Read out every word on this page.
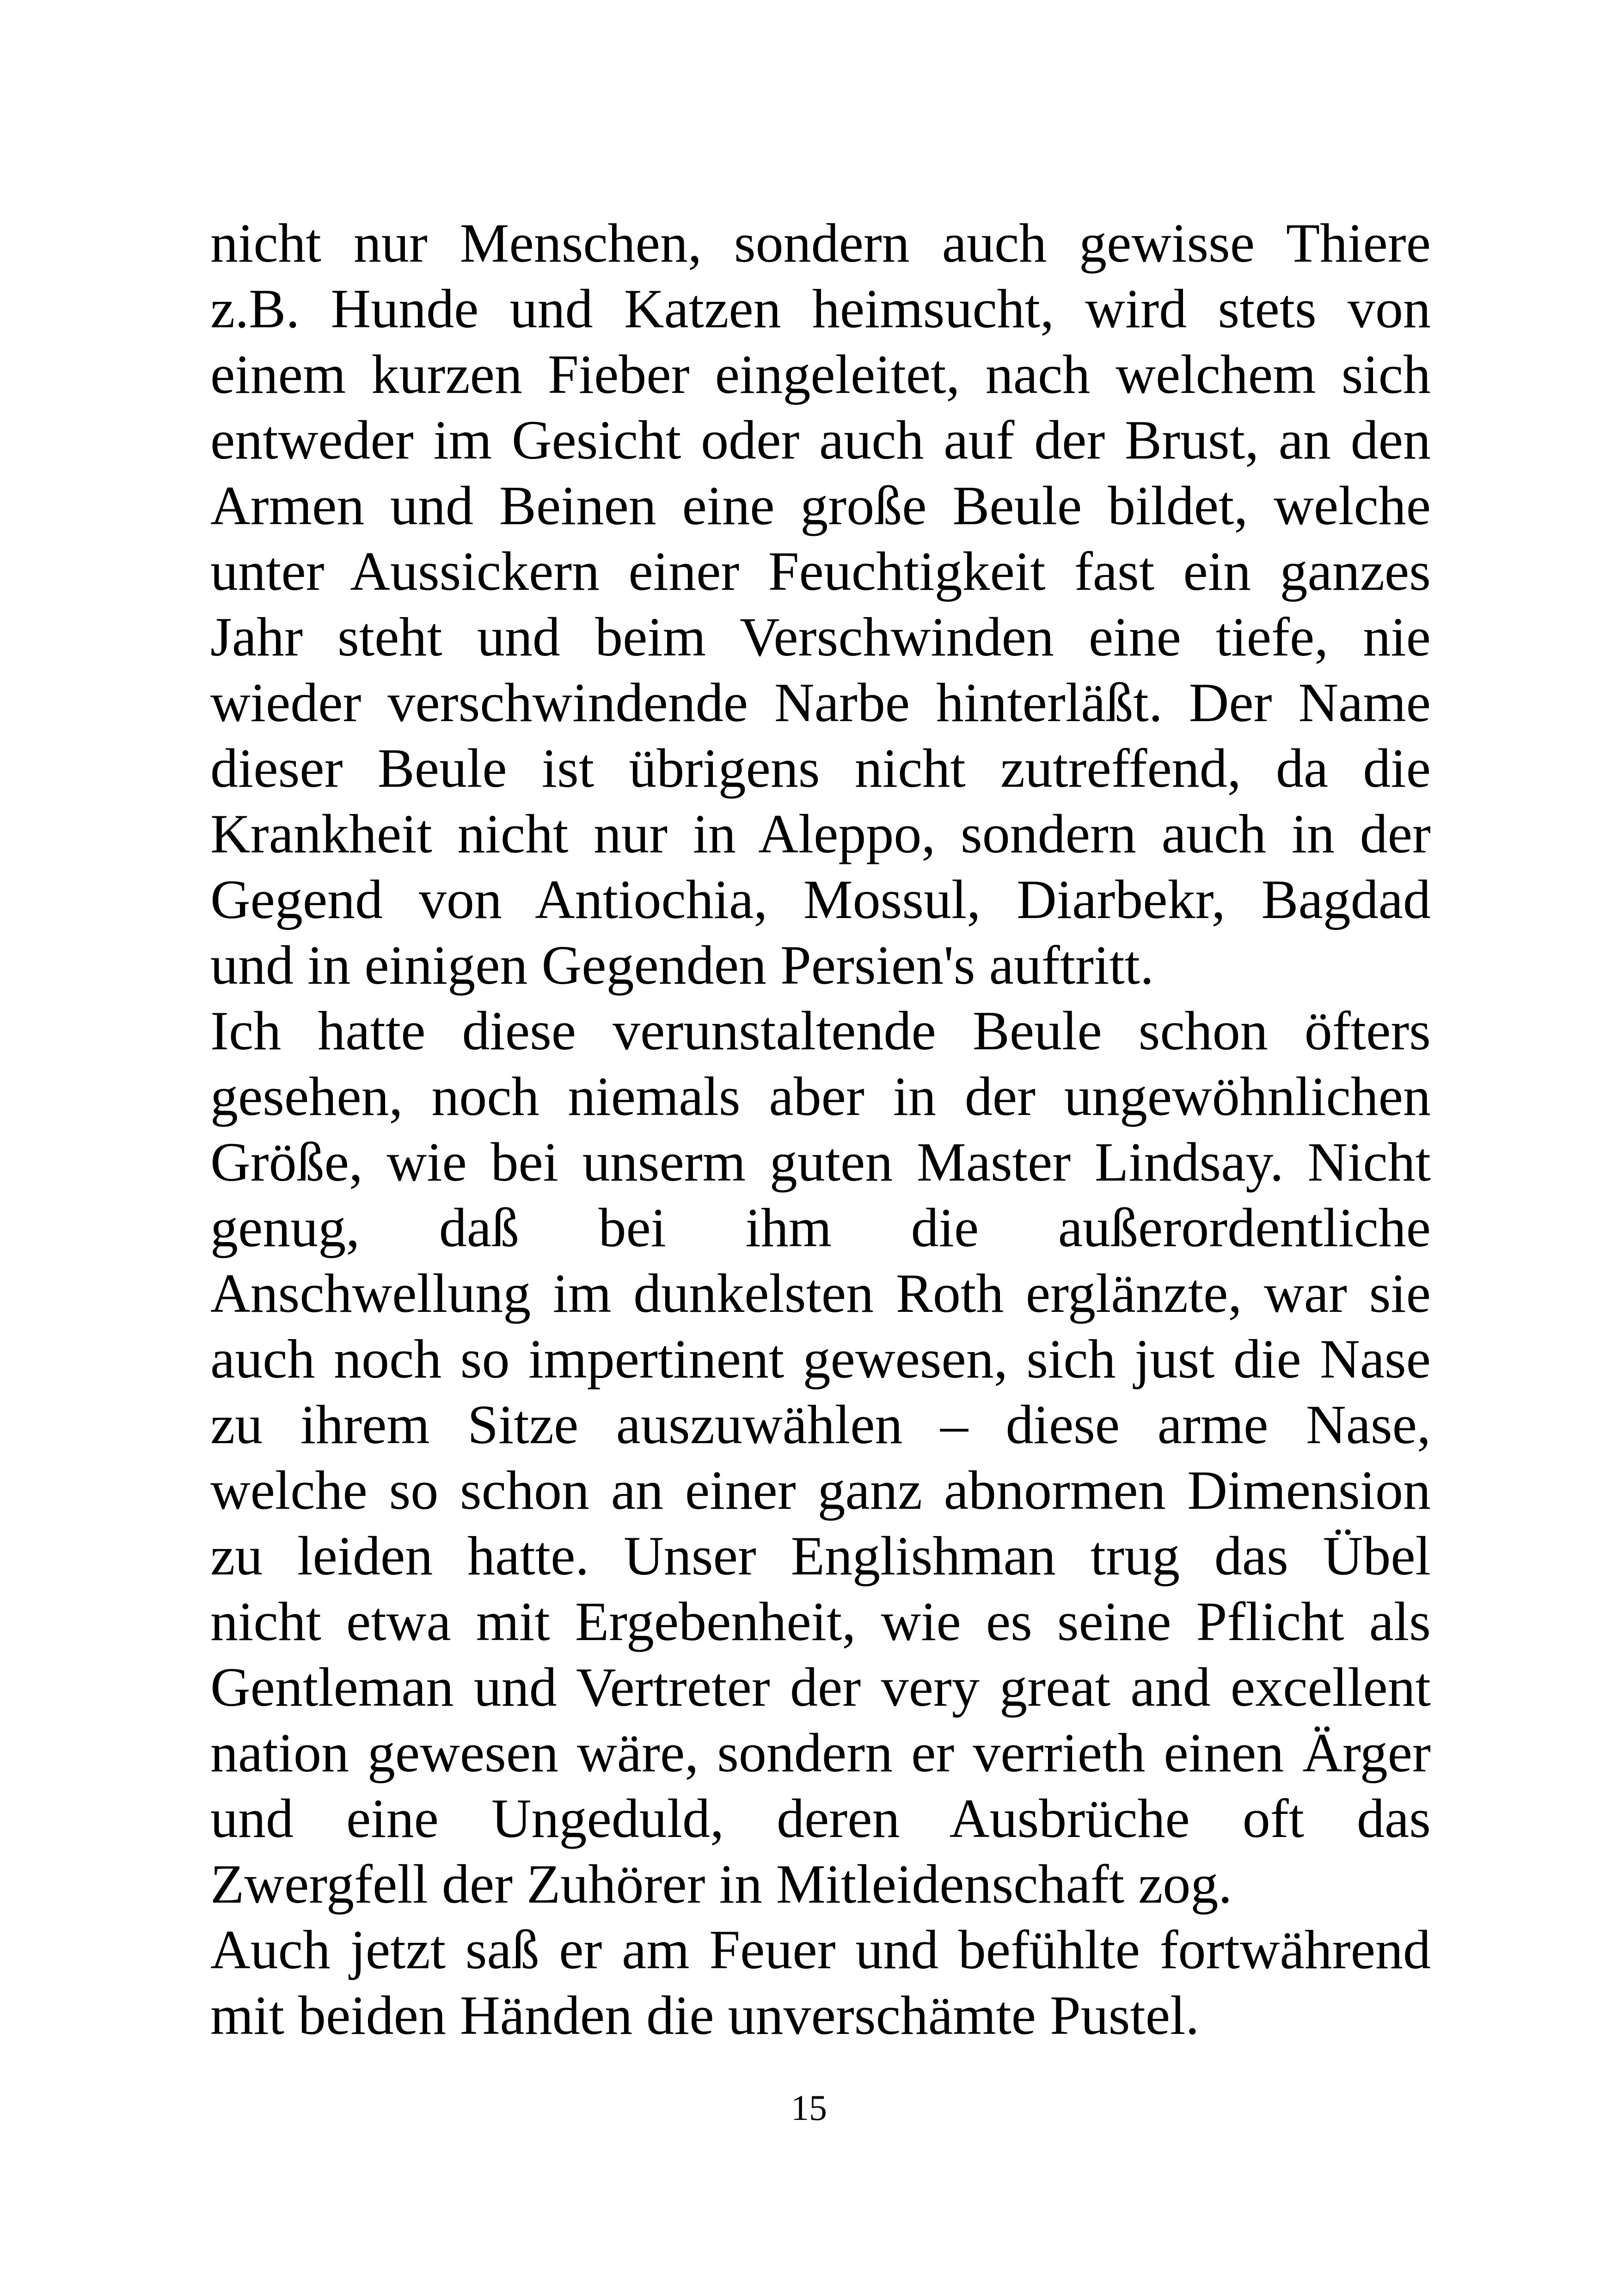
nicht nur Menschen, sondern auch gewisse Thiere
z.B. Hunde und Katzen heimsucht, wird stets von
einem kurzen Fieber eingeleitet, nach welchem sich
entweder im Gesicht oder auch auf der Brust, an den
Armen und Beinen eine große Beule bildet, welche
unter Aussickern einer Feuchtigkeit fast ein ganzes
Jahr steht und beim Verschwinden eine tiefe, nie
wieder verschwindende Narbe hinterläßt. Der Name
dieser Beule ist übrigens nicht zutreffend, da die
Krankheit nicht nur in Aleppo, sondern auch in der
Gegend von Antiochia, Mossul, Diarbekr, Bagdad
und in einigen Gegenden Persien's auftritt.
Ich hatte diese verunstaltende Beule schon öfters
gesehen, noch niemals aber in der ungewöhnlichen
Größe, wie bei unserm guten Master Lindsay. Nicht
genug, daß bei ihm die außerordentliche
Anschwellung im dunkelsten Roth erglänzte, war sie
auch noch so impertinent gewesen, sich just die Nase
zu ihrem Sitze auszuwählen – diese arme Nase,
welche so schon an einer ganz abnormen Dimension
zu leiden hatte. Unser Englishman trug das Übel
nicht etwa mit Ergebenheit, wie es seine Pflicht als
Gentleman und Vertreter der very great and excellent
nation gewesen wäre, sondern er verrieth einen Ärger
und eine Ungeduld, deren Ausbrüche oft das
Zwergfell der Zuhörer in Mitleidenschaft zog.
Auch jetzt saß er am Feuer und befühlte fortwährend
mit beiden Händen die unverschämte Pustel.
15
